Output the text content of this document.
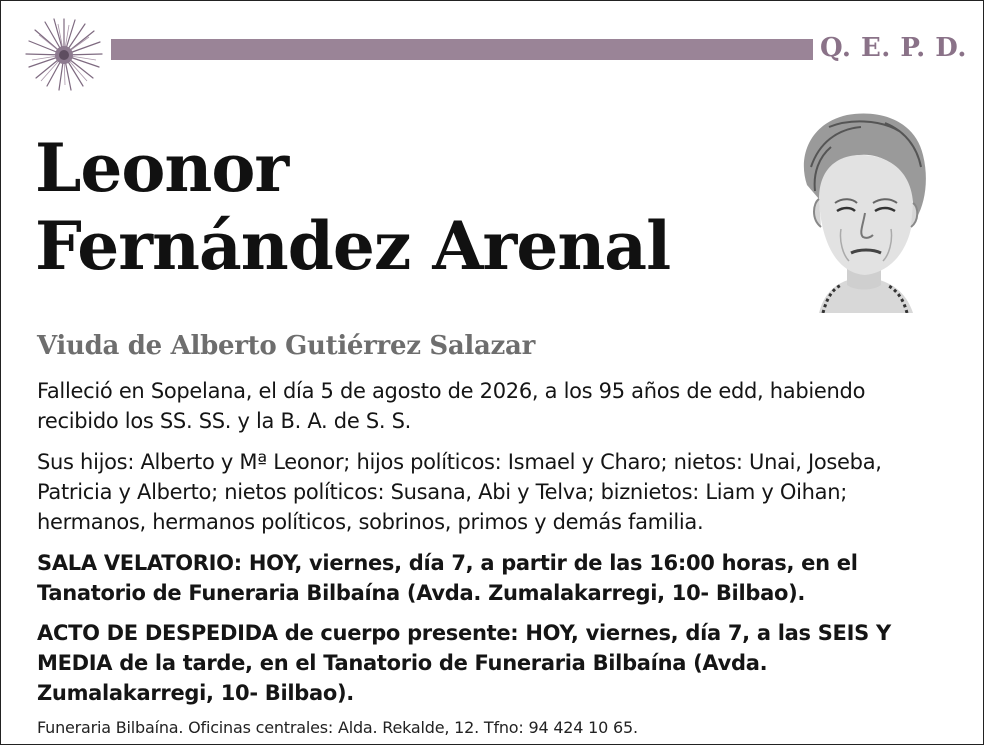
Q. E. P. D.
Leonor
Fernández Arenal
Viuda de Alberto Gutiérrez Salazar
Falleció en Sopelana, el día 5 de agosto de 2026, a los 95 años de edd, habiendo recibido los SS. SS. y la B. A. de S. S.
Sus hijos: Alberto y Mª Leonor; hijos políticos: Ismael y Charo; nietos: Unai, Joseba, Patricia y Alberto; nietos políticos: Susana, Abi y Telva; biznietos: Liam y Oihan; hermanos, hermanos políticos, sobrinos, primos y demás familia.
SALA VELATORIO: HOY, viernes, día 7, a partir de las 16:00 horas, en el Tanatorio de Funeraria Bilbaína (Avda. Zumalakarregi, 10- Bilbao).
ACTO DE DESPEDIDA de cuerpo presente: HOY, viernes, día 7, a las SEIS Y MEDIA de la tarde, en el Tanatorio de Funeraria Bilbaína (Avda. Zumalakarregi, 10- Bilbao).
Funeraria Bilbaína. Oficinas centrales: Alda. Rekalde, 12. Tfno: 94 424 10 65.
